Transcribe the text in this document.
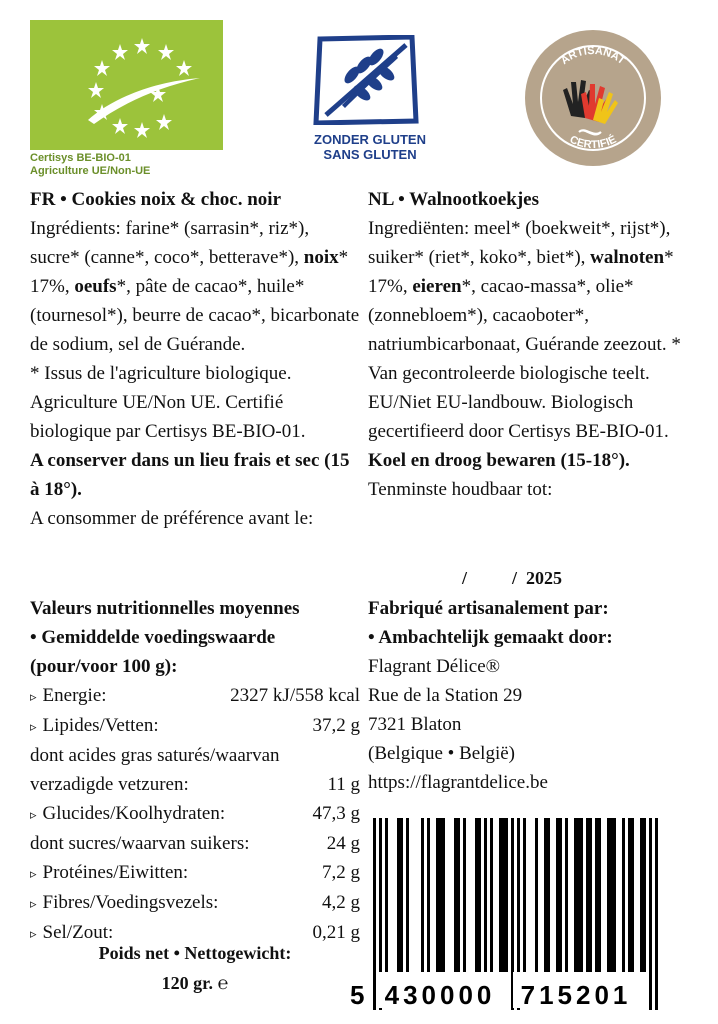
Certisys BE-BIO-01
Agriculture UE/Non-UE
ZONDER GLUTEN
SANS GLUTEN
ARTISANAT
CERTIFIÉ
FR • Cookies noix & choc. noir
Ingrédients: farine* (sarrasin*, riz*), sucre* (canne*, coco*, betterave*), noix* 17%, oeufs*, pâte de cacao*, huile* (tournesol*), beurre de cacao*, bicarbonate de sodium, sel de Guérande.
* Issus de l'agriculture biologique. Agriculture UE/Non UE. Certifié biologique par Certisys BE-BIO-01.
A conserver dans un lieu frais et sec (15 à 18°).
A consommer de préférence avant le:
NL • Walnootkoekjes
Ingrediënten: meel* (boekweit*, rijst*), suiker* (riet*, koko*, biet*), walnoten* 17%, eieren*, cacao-massa*, olie* (zonnebloem*), cacaoboter*, natriumbicarbonaat, Guérande zeezout. * Van gecontroleerde biologische teelt. EU/Niet EU-landbouw. Biologisch gecertifieerd door Certisys BE-BIO-01.
Koel en droog bewaren (15-18°).
Tenminste houdbaar tot:
/          /  2025
Valeurs nutritionnelles moyennes
• Gemiddelde voedingswaarde
(pour/voor 100 g):
▹ Energie:	2327 kJ/558 kcal
▹ Lipides/Vetten:	37,2 g
dont acides gras saturés/waarvan
verzadigde vetzuren:	11 g
▹ Glucides/Koolhydraten:	47,3 g
dont sucres/waarvan suikers:	24 g
▹ Protéines/Eiwitten:	7,2 g
▹ Fibres/Voedingsvezels:	4,2 g
▹ Sel/Zout:	0,21 g
Fabriqué artisanalement par:
• Ambachtelijk gemaakt door:
Flagrant Délice®
Rue de la Station 29
7321 Blaton
(Belgique • België)
https://flagrantdelice.be
Poids net • Nettogewicht:
120 gr. ℮	5 430000 715201
